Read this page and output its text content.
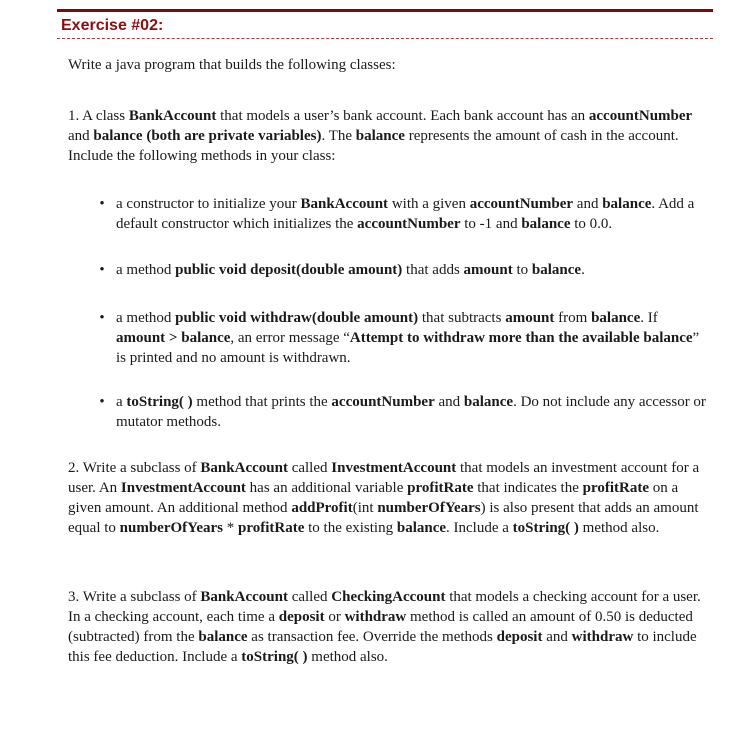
Exercise #02:

Write a java program that builds the following classes:

1. A class BankAccount that models a user’s bank account. Each bank account has an accountNumber and balance (both are private variables). The balance represents the amount of cash in the account. Include the following methods in your class:

• a constructor to initialize your BankAccount with a given accountNumber and balance. Add a default constructor which initializes the accountNumber to -1 and balance to 0.0.
• a method public void deposit(double amount) that adds amount to balance.
• a method public void withdraw(double amount) that subtracts amount from balance. If amount > balance, an error message “Attempt to withdraw more than the available balance” is printed and no amount is withdrawn.
• a toString( ) method that prints the accountNumber and balance. Do not include any accessor or mutator methods.

2. Write a subclass of BankAccount called InvestmentAccount that models an investment account for a user. An InvestmentAccount has an additional variable profitRate that indicates the profitRate on a given amount. An additional method addProfit(int numberOfYears) is also present that adds an amount equal to numberOfYears * profitRate to the existing balance. Include a toString( ) method also.

3. Write a subclass of BankAccount called CheckingAccount that models a checking account for a user. In a checking account, each time a deposit or withdraw method is called an amount of 0.50 is deducted (subtracted) from the balance as transaction fee. Override the methods deposit and withdraw to include this fee deduction. Include a toString( ) method also.
